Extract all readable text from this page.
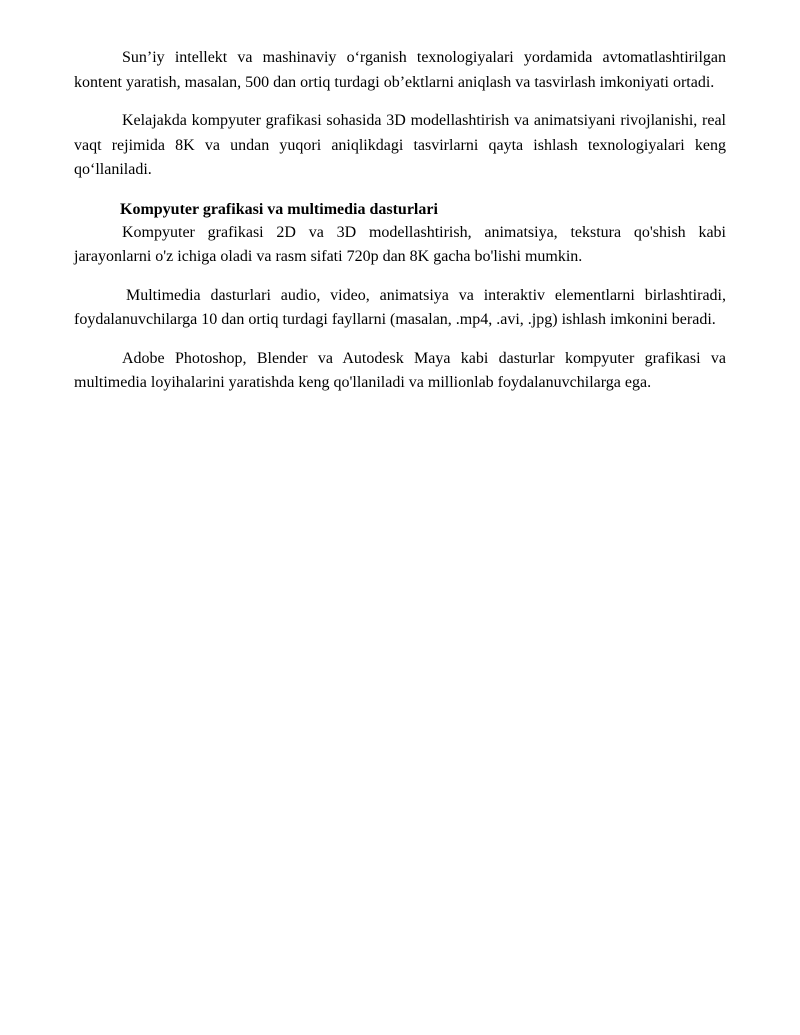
Sun’iy intellekt va mashinaviy o‘rganish texnologiyalari yordamida avtomatlashtirilgan kontent yaratish, masalan, 500 dan ortiq turdagi ob’ektlarni aniqlash va tasvirlash imkoniyati ortadi.

Kelajakda kompyuter grafikasi sohasida 3D modellashtirish va animatsiyani rivojlanishi, real vaqt rejimida 8K va undan yuqori aniqlikdagi tasvirlarni qayta ishlash texnologiyalari keng qo‘llaniladi.

Kompyuter grafikasi va multimedia dasturlari

Kompyuter grafikasi 2D va 3D modellashtirish, animatsiya, tekstura qo'shish kabi jarayonlarni o'z ichiga oladi va rasm sifati 720p dan 8K gacha bo'lishi mumkin.

Multimedia dasturlari audio, video, animatsiya va interaktiv elementlarni birlashtiradi, foydalanuvchilarga 10 dan ortiq turdagi fayllarni (masalan, .mp4, .avi, .jpg) ishlash imkonini beradi.

Adobe Photoshop, Blender va Autodesk Maya kabi dasturlar kompyuter grafikasi va multimedia loyihalarini yaratishda keng qo'llaniladi va millionlab foydalanuvchilarga ega.
